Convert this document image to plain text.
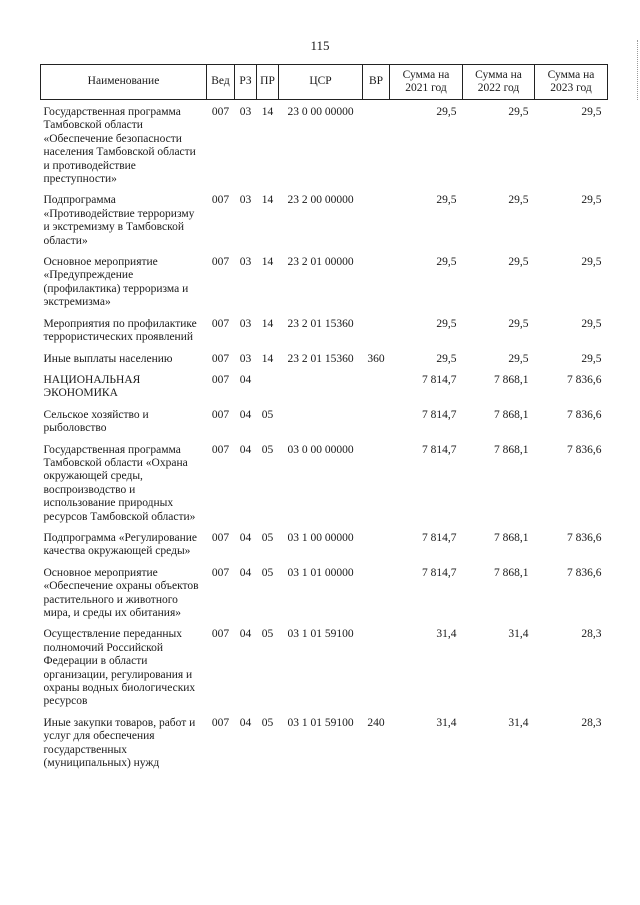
115
Наименование	Вед	РЗ	ПР	ЦСР	ВР	Сумма на 2021 год	Сумма на 2022 год	Сумма на 2023 год
Государственная программа Тамбовской области «Обеспечение безопасности населения Тамбовской области и противодействие преступности»	007	03	14	23 0 00 00000		29,5	29,5	29,5
Подпрограмма «Противодействие терроризму и экстремизму в Тамбовской области»	007	03	14	23 2 00 00000		29,5	29,5	29,5
Основное мероприятие «Предупреждение (профилактика) терроризма и экстремизма»	007	03	14	23 2 01 00000		29,5	29,5	29,5
Мероприятия по профилактике террористических проявлений	007	03	14	23 2 01 15360		29,5	29,5	29,5
Иные выплаты населению	007	03	14	23 2 01 15360	360	29,5	29,5	29,5
НАЦИОНАЛЬНАЯ ЭКОНОМИКА	007	04				7 814,7	7 868,1	7 836,6
Сельское хозяйство и рыболовство	007	04	05			7 814,7	7 868,1	7 836,6
Государственная программа Тамбовской области «Охрана окружающей среды, воспроизводство и использование природных ресурсов Тамбовской области»	007	04	05	03 0 00 00000		7 814,7	7 868,1	7 836,6
Подпрограмма «Регулирование качества окружающей среды»	007	04	05	03 1 00 00000		7 814,7	7 868,1	7 836,6
Основное мероприятие «Обеспечение охраны объектов растительного и животного мира, и среды их обитания»	007	04	05	03 1 01 00000		7 814,7	7 868,1	7 836,6
Осуществление переданных полномочий Российской Федерации в области организации, регулирования и охраны водных биологических ресурсов	007	04	05	03 1 01 59100		31,4	31,4	28,3
Иные закупки товаров, работ и услуг для обеспечения государственных (муниципальных) нужд	007	04	05	03 1 01 59100	240	31,4	31,4	28,3
